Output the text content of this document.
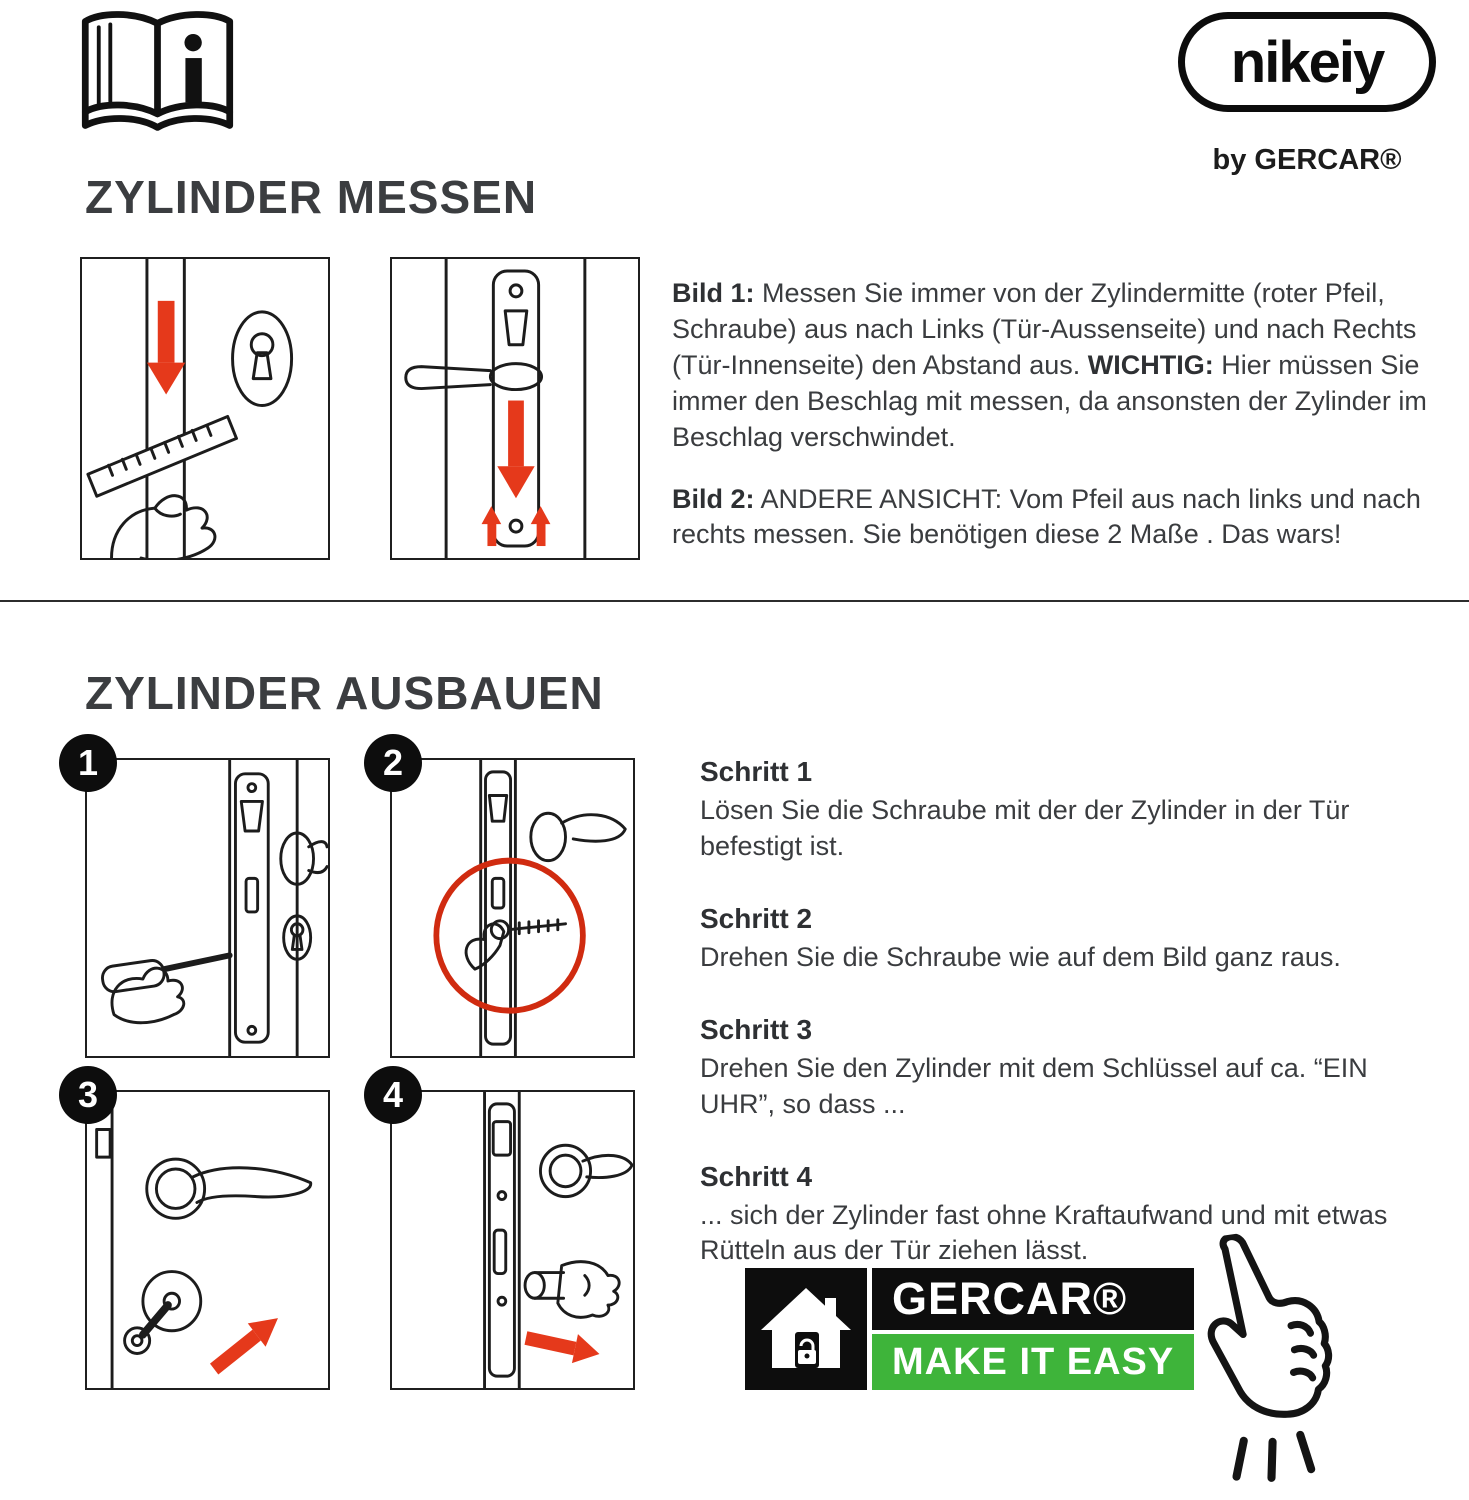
nikeiy
by GERCAR®
ZYLINDER MESSEN

Bild 1: Messen Sie immer von der Zylindermitte (roter Pfeil, Schraube) aus nach Links (Tür-Aussenseite) und nach Rechts (Tür-Innenseite) den Abstand aus. WICHTIG: Hier müssen Sie immer den Beschlag mit messen, da ansonsten der Zylinder im Beschlag verschwindet.

Bild 2: ANDERE ANSICHT: Vom Pfeil aus nach links und nach rechts messen. Sie benötigen diese 2 Maße . Das wars!

ZYLINDER AUSBAUEN
1	2
3	4
Schritt 1
Lösen Sie die Schraube mit der der Zylinder in der Tür befestigt ist.
Schritt 2
Drehen Sie die Schraube wie auf dem Bild ganz raus.
Schritt 3
Drehen Sie den Zylinder mit dem Schlüssel auf ca. “EIN UHR”, so dass ...
Schritt 4
... sich der Zylinder fast ohne Kraftaufwand und mit etwas Rütteln aus der Tür ziehen lässt.
GERCAR®
MAKE IT EASY
